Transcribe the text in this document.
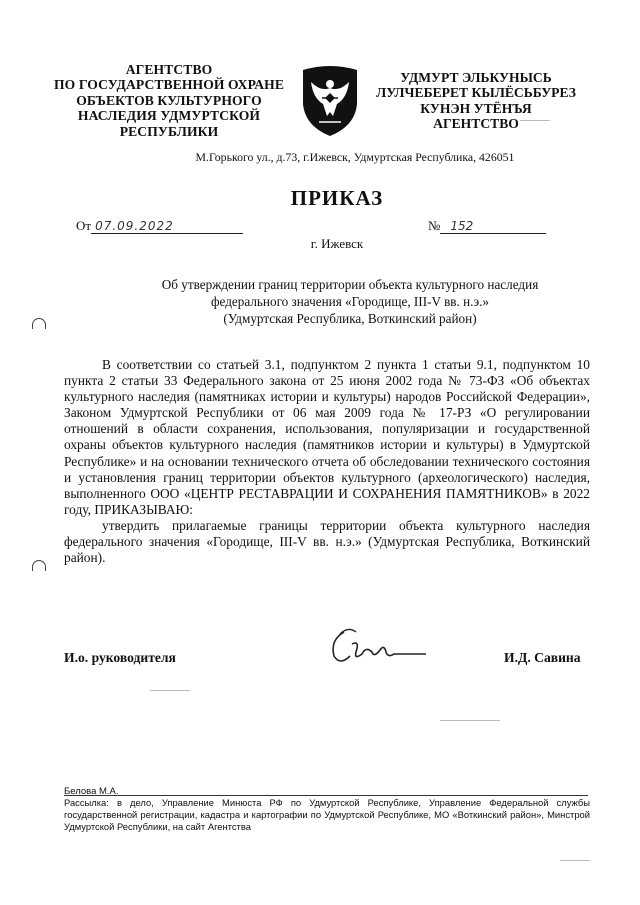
АГЕНТСТВО
ПО ГОСУДАРСТВЕННОЙ ОХРАНЕ
ОБЪЕКТОВ КУЛЬТУРНОГО
НАСЛЕДИЯ УДМУРТСКОЙ
РЕСПУБЛИКИ
УДМУРТ ЭЛЬКУНЫСЬ
ЛУЛЧЕБЕРЕТ КЫЛЁСЬБУРЕЗ
КУНЭН УТЁНЪЯ
АГЕНТСТВО
М.Горького ул., д.73, г.Ижевск, Удмуртская Республика, 426051
ПРИКАЗ
От 07.09.2022	№ 152
г. Ижевск
Об утверждении границ территории объекта культурного наследия
федерального значения «Городище, III-V вв. н.э.»
(Удмуртская Республика, Воткинский район)

В соответствии со статьей 3.1, подпунктом 2 пункта 1 статьи 9.1, подпунктом 10 пункта 2 статьи 33 Федерального закона от 25 июня 2002 года № 73-ФЗ «Об объектах культурного наследия (памятниках истории и культуры) народов Российской Федерации», Законом Удмуртской Республики от 06 мая 2009 года № 17-РЗ «О регулировании отношений в области сохранения, использования, популяризации и государственной охраны объектов культурного наследия (памятников истории и культуры) в Удмуртской Республике» и на основании технического отчета об обследовании технического состояния и установления границ территории объектов культурного (археологического) наследия, выполненного ООО «ЦЕНТР РЕСТАВРАЦИИ И СОХРАНЕНИЯ ПАМЯТНИКОВ» в 2022 году, ПРИКАЗЫВАЮ:

утвердить прилагаемые границы территории объекта культурного наследия федерального значения «Городище, III-V вв. н.э.» (Удмуртская Республика, Воткинский район).

И.о. руководителя	И.Д. Савина
Белова М.А.
Рассылка: в дело, Управление Минюста РФ по Удмуртской Республике, Управление Федеральной службы государственной регистрации, кадастра и картографии по Удмуртской Республике, МО «Воткинский район», Минстрой Удмуртской Республики, на сайт Агентства
